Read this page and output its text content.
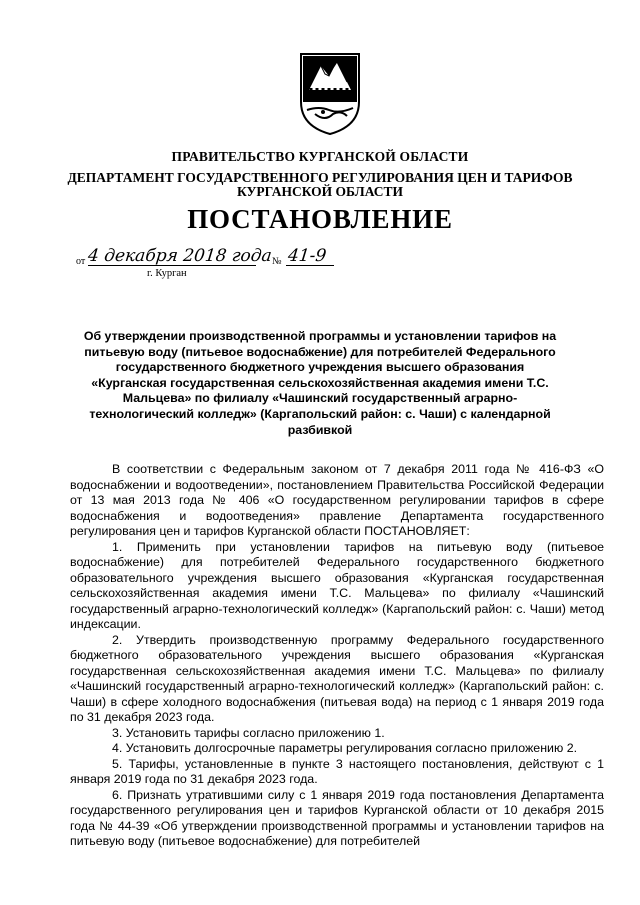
ПРАВИТЕЛЬСТВО КУРГАНСКОЙ ОБЛАСТИ
ДЕПАРТАМЕНТ ГОСУДАРСТВЕННОГО РЕГУЛИРОВАНИЯ ЦЕН И ТАРИФОВ
КУРГАНСКОЙ ОБЛАСТИ
ПОСТАНОВЛЕНИЕ
от 4 декабря 2018 года № 41-9
г. Курган
Об утверждении производственной программы и установлении тарифов на питьевую воду (питьевое водоснабжение) для потребителей Федерального государственного бюджетного учреждения высшего образования «Курганская государственная сельскохозяйственная академия имени Т.С. Мальцева» по филиалу «Чашинский государственный аграрно-технологический колледж» (Каргапольский район: с. Чаши) с календарной разбивкой

В соответствии с Федеральным законом от 7 декабря 2011 года № 416-ФЗ «О водоснабжении и водоотведении», постановлением Правительства Российской Федерации от 13 мая 2013 года № 406 «О государственном регулировании тарифов в сфере водоснабжения и водоотведения» правление Департамента государственного регулирования цен и тарифов Курганской области ПОСТАНОВЛЯЕТ:

1. Применить при установлении тарифов на питьевую воду (питьевое водоснабжение) для потребителей Федерального государственного бюджетного образовательного учреждения высшего образования «Курганская государственная сельскохозяйственная академия имени Т.С. Мальцева» по филиалу «Чашинский государственный аграрно-технологический колледж» (Каргапольский район: с. Чаши) метод индексации.

2. Утвердить производственную программу Федерального государственного бюджетного образовательного учреждения высшего образования «Курганская государственная сельскохозяйственная академия имени Т.С. Мальцева» по филиалу «Чашинский государственный аграрно-технологический колледж» (Каргапольский район: с. Чаши) в сфере холодного водоснабжения (питьевая вода) на период с 1 января 2019 года по 31 декабря 2023 года.

3. Установить тарифы согласно приложению 1.

4. Установить долгосрочные параметры регулирования согласно приложению 2.

5. Тарифы, установленные в пункте 3 настоящего постановления, действуют с 1 января 2019 года по 31 декабря 2023 года.

6. Признать утратившими силу с 1 января 2019 года постановления Департамента государственного регулирования цен и тарифов Курганской области от 10 декабря 2015 года № 44-39 «Об утверждении производственной программы и установлении тарифов на питьевую воду (питьевое водоснабжение) для потребителей
